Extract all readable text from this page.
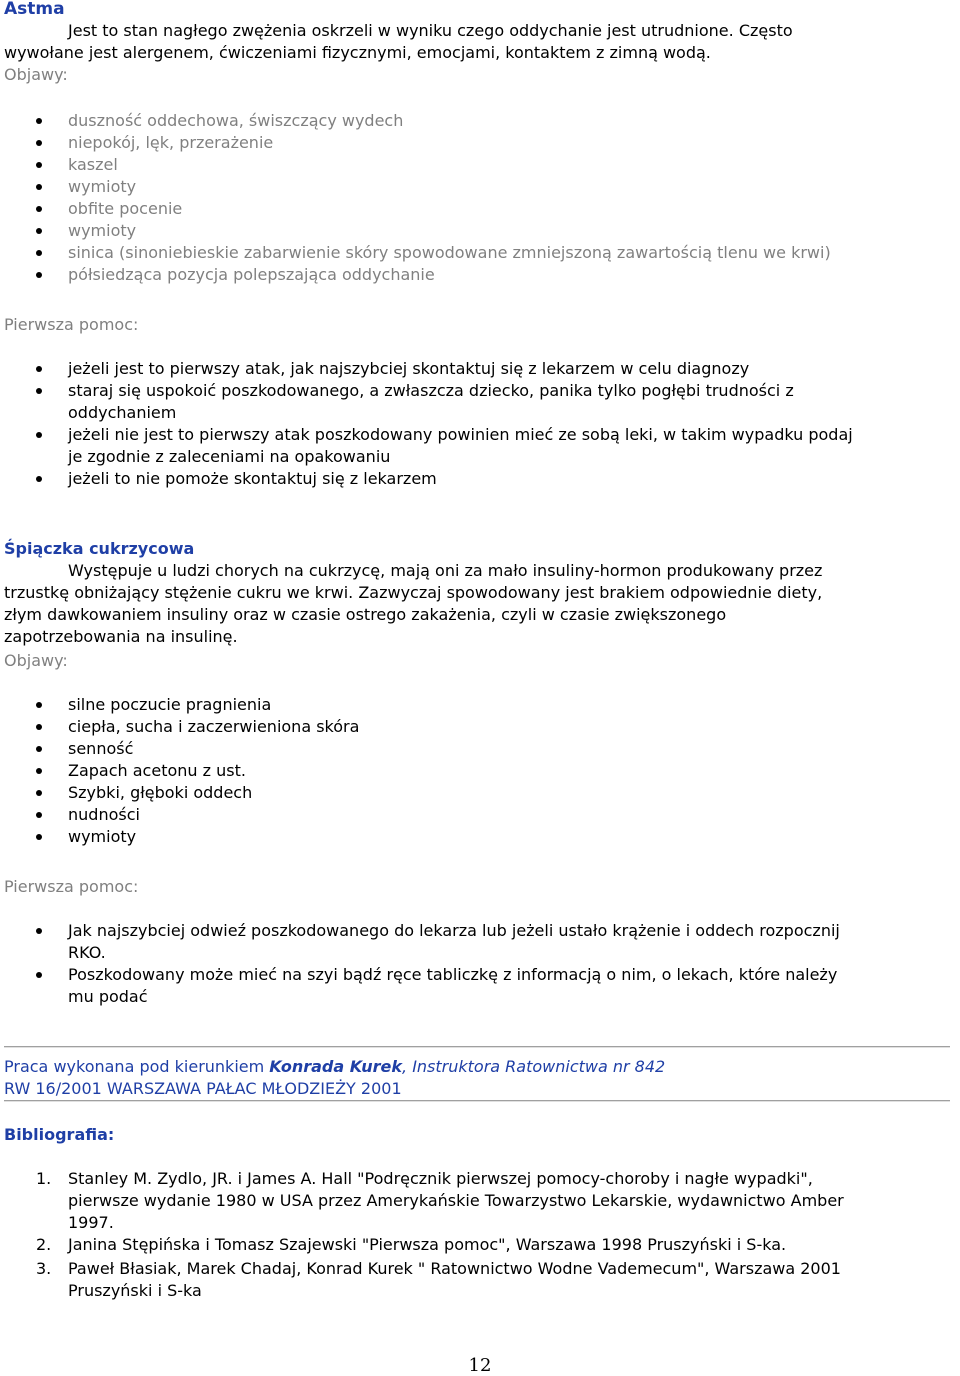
Astma
Jest to stan nagłego zwężenia oskrzeli w wyniku czego oddychanie jest utrudnione. Często
wywołane jest alergenem, ćwiczeniami fizycznymi, emocjami, kontaktem z zimną wodą.
Objawy:
duszność oddechowa, świszczący wydech
niepokój, lęk, przerażenie
kaszel
wymioty
obfite pocenie
wymioty
sinica (sinoniebieskie zabarwienie skóry spowodowane zmniejszoną zawartością tlenu we krwi)
półsiedząca pozycja polepszająca oddychanie
Pierwsza pomoc:
jeżeli jest to pierwszy atak, jak najszybciej skontaktuj się z lekarzem w celu diagnozy
staraj się uspokoić poszkodowanego, a zwłaszcza dziecko, panika tylko pogłębi trudności z
oddychaniem
jeżeli nie jest to pierwszy atak poszkodowany powinien mieć ze sobą leki, w takim wypadku podaj
je zgodnie z zaleceniami na opakowaniu
jeżeli to nie pomoże skontaktuj się z lekarzem
Śpiączka cukrzycowa
Występuje u ludzi chorych na cukrzycę, mają oni za mało insuliny-hormon produkowany przez
trzustkę obniżający stężenie cukru we krwi. Zazwyczaj spowodowany jest brakiem odpowiednie diety,
złym dawkowaniem insuliny oraz w czasie ostrego zakażenia, czyli w czasie zwiększonego
zapotrzebowania na insulinę.
Objawy:
silne poczucie pragnienia
ciepła, sucha i zaczerwieniona skóra
senność
Zapach acetonu z ust.
Szybki, głęboki oddech
nudności
wymioty
Pierwsza pomoc:
Jak najszybciej odwieź poszkodowanego do lekarza lub jeżeli ustało krążenie i oddech rozpocznij
RKO.
Poszkodowany może mieć na szyi bądź ręce tabliczkę z informacją o nim, o lekach, które należy
mu podać
Praca wykonana pod kierunkiem Konrada Kurek, Instruktora Ratownictwa nr 842
RW 16/2001 WARSZAWA PAŁAC MŁODZIEŻY 2001
Bibliografia:
1. Stanley M. Zydlo, JR. i James A. Hall "Podręcznik pierwszej pomocy-choroby i nagłe wypadki",
pierwsze wydanie 1980 w USA przez Amerykańskie Towarzystwo Lekarskie, wydawnictwo Amber
1997.
2. Janina Stępińska i Tomasz Szajewski "Pierwsza pomoc", Warszawa 1998 Pruszyński i S-ka.
3. Paweł Błasiak, Marek Chadaj, Konrad Kurek " Ratownictwo Wodne Vademecum", Warszawa 2001
Pruszyński i S-ka
12
